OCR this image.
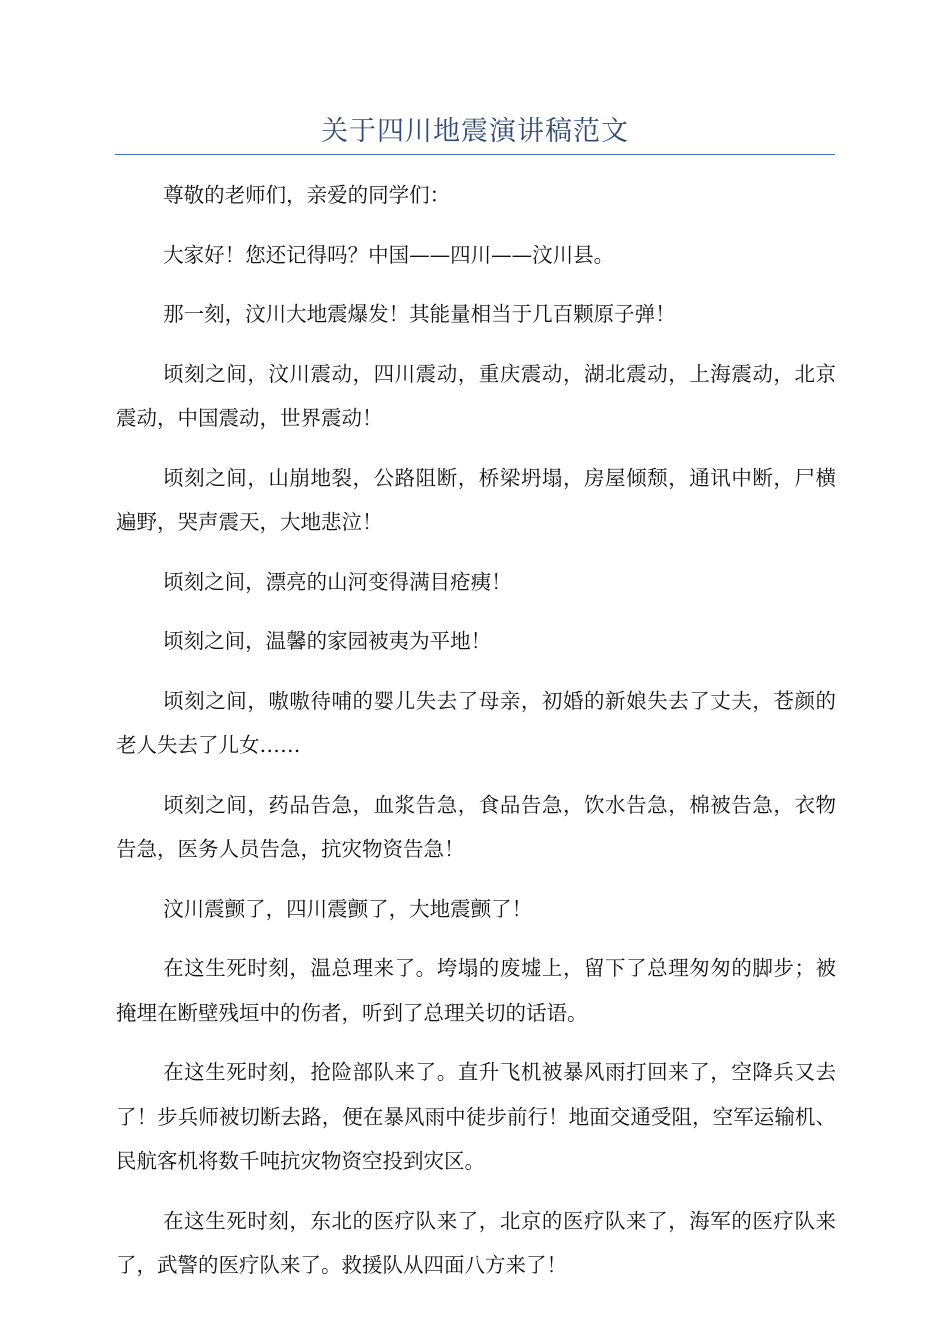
关于四川地震演讲稿范文

尊敬的老师们，亲爱的同学们：

大家好！您还记得吗？中国——四川——汶川县。

那一刻，汶川大地震爆发！其能量相当于几百颗原子弹！

顷刻之间，汶川震动，四川震动，重庆震动，湖北震动，上海震动，北京震动，中国震动，世界震动！

顷刻之间，山崩地裂，公路阻断，桥梁坍塌，房屋倾颓，通讯中断，尸横遍野，哭声震天，大地悲泣！

顷刻之间，漂亮的山河变得满目疮痍！

顷刻之间，温馨的家园被夷为平地！

顷刻之间，嗷嗷待哺的婴儿失去了母亲，初婚的新娘失去了丈夫，苍颜的老人失去了儿女……

顷刻之间，药品告急，血浆告急，食品告急，饮水告急，棉被告急，衣物告急，医务人员告急，抗灾物资告急！

汶川震颤了，四川震颤了，大地震颤了！

在这生死时刻，温总理来了。垮塌的废墟上，留下了总理匆匆的脚步；被掩埋在断壁残垣中的伤者，听到了总理关切的话语。

在这生死时刻，抢险部队来了。直升飞机被暴风雨打回来了，空降兵又去了！步兵师被切断去路，便在暴风雨中徒步前行！地面交通受阻，空军运输机、民航客机将数千吨抗灾物资空投到灾区。

在这生死时刻，东北的医疗队来了，北京的医疗队来了，海军的医疗队来了，武警的医疗队来了。救援队从四面八方来了！
